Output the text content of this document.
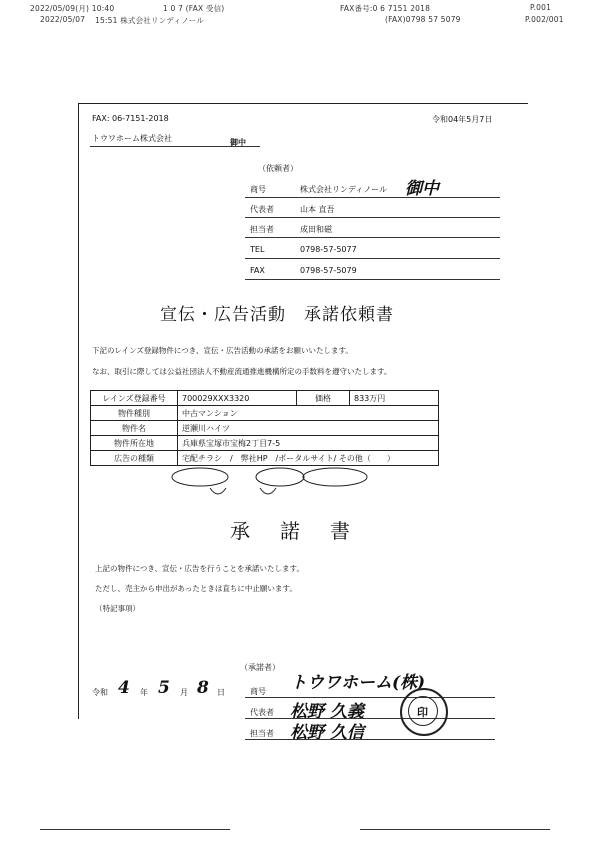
2022/05/09(月) 10:40	1 0 7 (FAX 受信)	FAX番号:0 6 7151 2018	P.001
2022/05/07 15:51 株式会社リンディノール	(FAX)0798 57 5079	P.002/001
FAX: 06-7151-2018	令和04年5月7日
トウワホーム株式会社	御中
（依頼者）
商号	株式会社リンディノール 御中
代表者	山本 直吾
担当者	成田和磁
TEL	0798-57-5077
FAX	0798-57-5079
宣伝・広告活動　承諾依頼書
下記のレインズ登録物件につき、宣伝・広告活動の承諾をお願いいたします。
なお、取引に際しては公益社団法人不動産流通推進機構所定の手数料を遵守いたします。
レインズ登録番号	700029XXX3320	価格	833万円
物件種別	中古マンション		
物件名	逆瀬川ハイツ		
物件所在地	兵庫県宝塚市宝梅2丁目7-5		
広告の種類	宅配チラシ　/　弊社HP　/ポータルサイト/ その他（　　）		
承諾書
上記の物件につき、宣伝・広告を行うことを承諾いたします。
ただし、売主から申出があったときは直ちに中止願います。
（特記事項）
令和 4 年 5 月 8 日
（承諾者）
商号 トウワホーム(株)
代表者 松野 久義
担当者 松野 久信
印
